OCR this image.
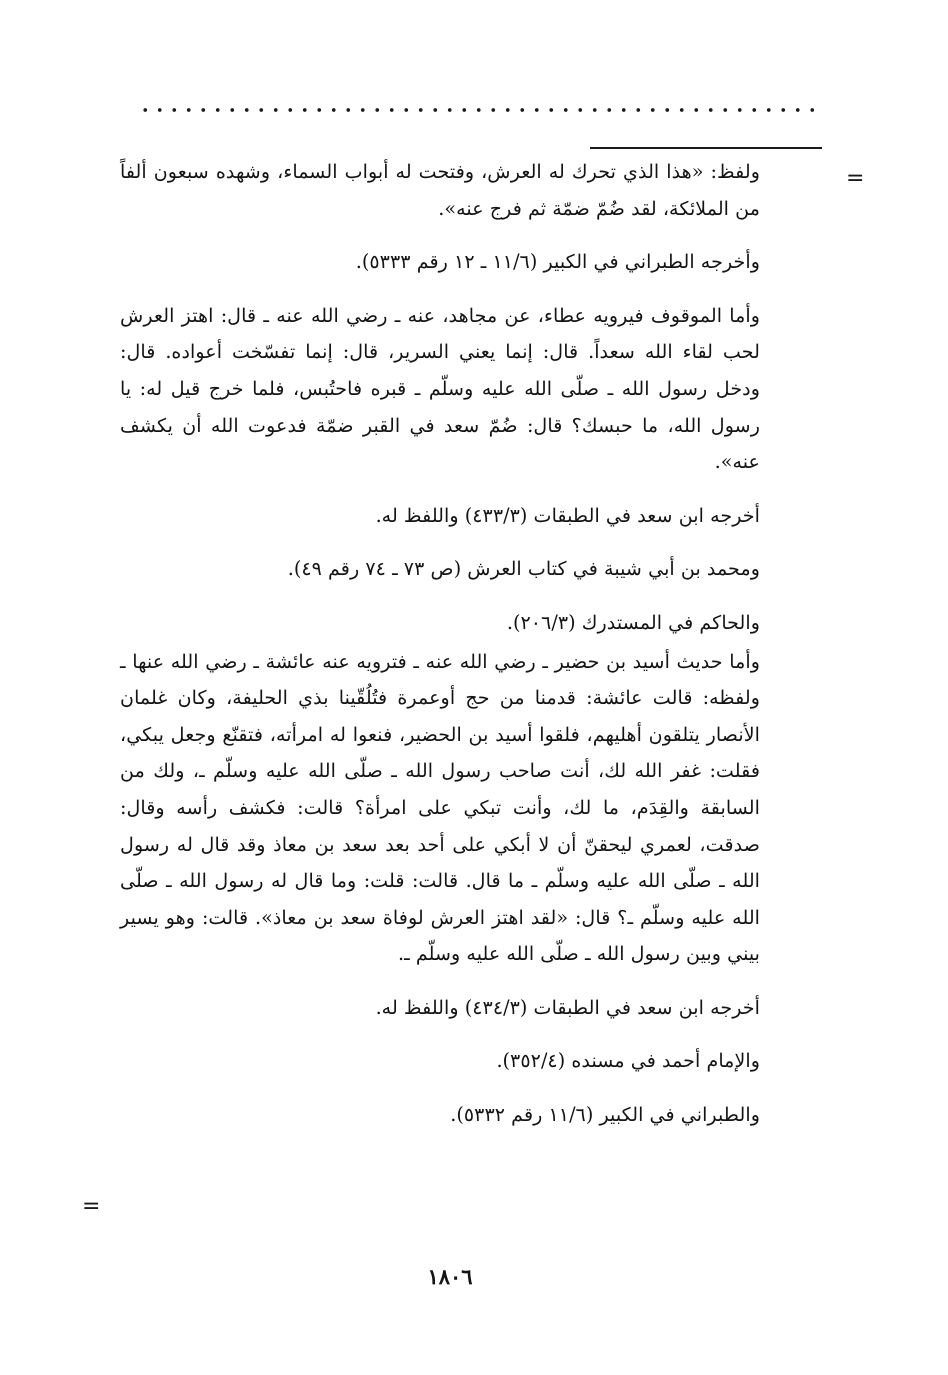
=

ولفظ: «هذا الذي تحرك له العرش، وفتحت له أبواب السماء، وشهده سبعون ألفاً من الملائكة، لقد ضُمّ ضمّة ثم فرج عنه».

وأخرجه الطبراني في الكبير (١١/٦ ـ ١٢ رقم ٥٣٣٣).

وأما الموقوف فيرويه عطاء، عن مجاهد، عنه ـ رضي الله عنه ـ قال: اهتز العرش لحب لقاء الله سعداً. قال: إنما يعني السرير، قال: إنما تفسّخت أعواده. قال: ودخل رسول الله ـ صلّى الله عليه وسلّم ـ قبره فاحتُبس، فلما خرج قيل له: يا رسول الله، ما حبسك؟ قال: ضُمّ سعد في القبر ضمّة فدعوت الله أن يكشف عنه».

أخرجه ابن سعد في الطبقات (٤٣٣/٣) واللفظ له.

ومحمد بن أبي شيبة في كتاب العرش (ص ٧٣ ـ ٧٤ رقم ٤٩).

والحاكم في المستدرك (٢٠٦/٣).

وأما حديث أسيد بن حضير ـ رضي الله عنه ـ فترويه عنه عائشة ـ رضي الله عنها ـ ولفظه: قالت عائشة: قدمنا من حج أوعمرة فتُلُقّينا بذي الحليفة، وكان غلمان الأنصار يتلقون أهليهم، فلقوا أسيد بن الحضير، فنعوا له امرأته، فتقنّع وجعل يبكي، فقلت: غفر الله لك، أنت صاحب رسول الله ـ صلّى الله عليه وسلّم ـ، ولك من السابقة والقِدَم، ما لك، وأنت تبكي على امرأة؟ قالت: فكشف رأسه وقال: صدقت، لعمري ليحقنّ أن لا أبكي على أحد بعد سعد بن معاذ وقد قال له رسول الله ـ صلّى الله عليه وسلّم ـ ما قال. قالت: قلت: وما قال له رسول الله ـ صلّى الله عليه وسلّم ـ؟ قال: «لقد اهتز العرش لوفاة سعد بن معاذ». قالت: وهو يسير بيني وبين رسول الله ـ صلّى الله عليه وسلّم ـ.

أخرجه ابن سعد في الطبقات (٤٣٤/٣) واللفظ له.

والإمام أحمد في مسنده (٣٥٢/٤).

والطبراني في الكبير (١١/٦ رقم ٥٣٣٢).

=
١٨٠٦
